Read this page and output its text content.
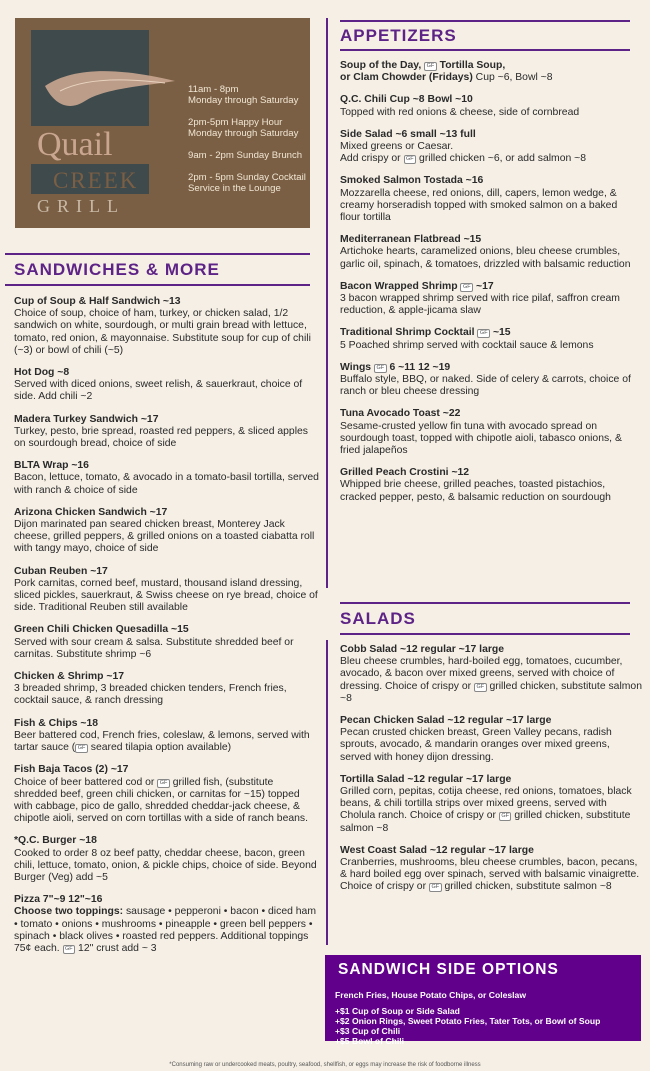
Quail
CREEK
GRILL
11am - 8pm
Monday through Saturday
2pm-5pm Happy Hour
Monday through Saturday
9am - 2pm Sunday Brunch
2pm - 5pm Sunday Cocktail
Service in the Lounge
SANDWICHES & MORE
Cup of Soup & Half Sandwich ~13
Choice of soup, choice of ham, turkey, or chicken salad, 1/2 sandwich on white, sourdough, or multi grain bread with lettuce, tomato, red onion, & mayonnaise. Substitute soup for cup of chili (~3) or bowl of chili (~5)
Hot Dog ~8
Served with diced onions, sweet relish, & sauerkraut, choice of side. Add chili ~2
Madera Turkey Sandwich ~17
Turkey, pesto, brie spread, roasted red peppers, & sliced apples on sourdough bread, choice of side
BLTA Wrap ~16
Bacon, lettuce, tomato, & avocado in a tomato-basil tortilla, served with ranch & choice of side
Arizona Chicken Sandwich ~17
Dijon marinated pan seared chicken breast, Monterey Jack cheese, grilled peppers, & grilled onions on a toasted ciabatta roll with tangy mayo, choice of side
Cuban Reuben ~17
Pork carnitas, corned beef, mustard, thousand island dressing, sliced pickles, sauerkraut, & Swiss cheese on rye bread, choice of side. Traditional Reuben still available
Green Chili Chicken Quesadilla ~15
Served with sour cream & salsa. Substitute shredded beef or carnitas. Substitute shrimp ~6
Chicken & Shrimp ~17
3 breaded shrimp, 3 breaded chicken tenders, French fries, cocktail sauce, & ranch dressing
Fish & Chips ~18
Beer battered cod, French fries, coleslaw, & lemons, served with tartar sauce ( GF seared tilapia option available)
Fish Baja Tacos (2) ~17
Choice of beer battered cod or GF grilled fish, (substitute shredded beef, green chili chicken, or carnitas for ~15) topped with cabbage, pico de gallo, shredded cheddar-jack cheese, & chipotle aioli, served on corn tortillas with a side of ranch beans.
*Q.C. Burger ~18
Cooked to order 8 oz beef patty, cheddar cheese, bacon, green chili, lettuce, tomato, onion, & pickle chips, choice of side. Beyond Burger (Veg) add ~5
Pizza 7"~9 12"~16
Choose two toppings: sausage • pepperoni • bacon • diced ham • tomato • onions • mushrooms • pineapple • green bell peppers • spinach • black olives • roasted red peppers. Additional toppings 75¢ each. GF 12" crust add ~ 3
APPETIZERS
Soup of the Day, GF Tortilla Soup,
or Clam Chowder (Fridays) Cup ~6, Bowl ~8
Q.C. Chili Cup ~8 Bowl ~10
Topped with red onions & cheese, side of cornbread
Side Salad ~6 small ~13 full
Mixed greens or Caesar.
Add crispy or GF grilled chicken ~6, or add salmon ~8
Smoked Salmon Tostada ~16
Mozzarella cheese, red onions, dill, capers, lemon wedge, & creamy horseradish topped with smoked salmon on a baked flour tortilla
Mediterranean Flatbread ~15
Artichoke hearts, caramelized onions, bleu cheese crumbles, garlic oil, spinach, & tomatoes, drizzled with balsamic reduction
Bacon Wrapped Shrimp GF ~17
3 bacon wrapped shrimp served with rice pilaf, saffron cream reduction, & apple-jicama slaw
Traditional Shrimp Cocktail GF ~15
5 Poached shrimp served with cocktail sauce & lemons
Wings GF 6 ~11 12 ~19
Buffalo style, BBQ, or naked. Side of celery & carrots, choice of ranch or bleu cheese dressing
Tuna Avocado Toast ~22
Sesame-crusted yellow fin tuna with avocado spread on sourdough toast, topped with chipotle aioli, tabasco onions, & fried jalapeños
Grilled Peach Crostini ~12
Whipped brie cheese, grilled peaches, toasted pistachios, cracked pepper, pesto, & balsamic reduction on sourdough
SALADS
Cobb Salad ~12 regular ~17 large
Bleu cheese crumbles, hard-boiled egg, tomatoes, cucumber, avocado, & bacon over mixed greens, served with choice of dressing. Choice of crispy or GF grilled chicken, substitute salmon ~8
Pecan Chicken Salad ~12 regular ~17 large
Pecan crusted chicken breast, Green Valley pecans, radish sprouts, avocado, & mandarin oranges over mixed greens, served with honey dijon dressing.
Tortilla Salad ~12 regular ~17 large
Grilled corn, pepitas, cotija cheese, red onions, tomatoes, black beans, & chili tortilla strips over mixed greens, served with Cholula ranch. Choice of crispy or GF grilled chicken, substitute salmon ~8
West Coast Salad ~12 regular ~17 large
Cranberries, mushrooms, bleu cheese crumbles, bacon, pecans, & hard boiled egg over spinach, served with balsamic vinaigrette. Choice of crispy or GF grilled chicken, substitute salmon ~8
SANDWICH SIDE OPTIONS
French Fries, House Potato Chips, or Coleslaw
+$1 Cup of Soup or Side Salad
+$2 Onion Rings, Sweet Potato Fries, Tater Tots, or Bowl of Soup
+$3 Cup of Chili
+$5 Bowl of Chili
*Consuming raw or undercooked meats, poultry, seafood, shellfish, or eggs may increase the risk of foodborne illness
